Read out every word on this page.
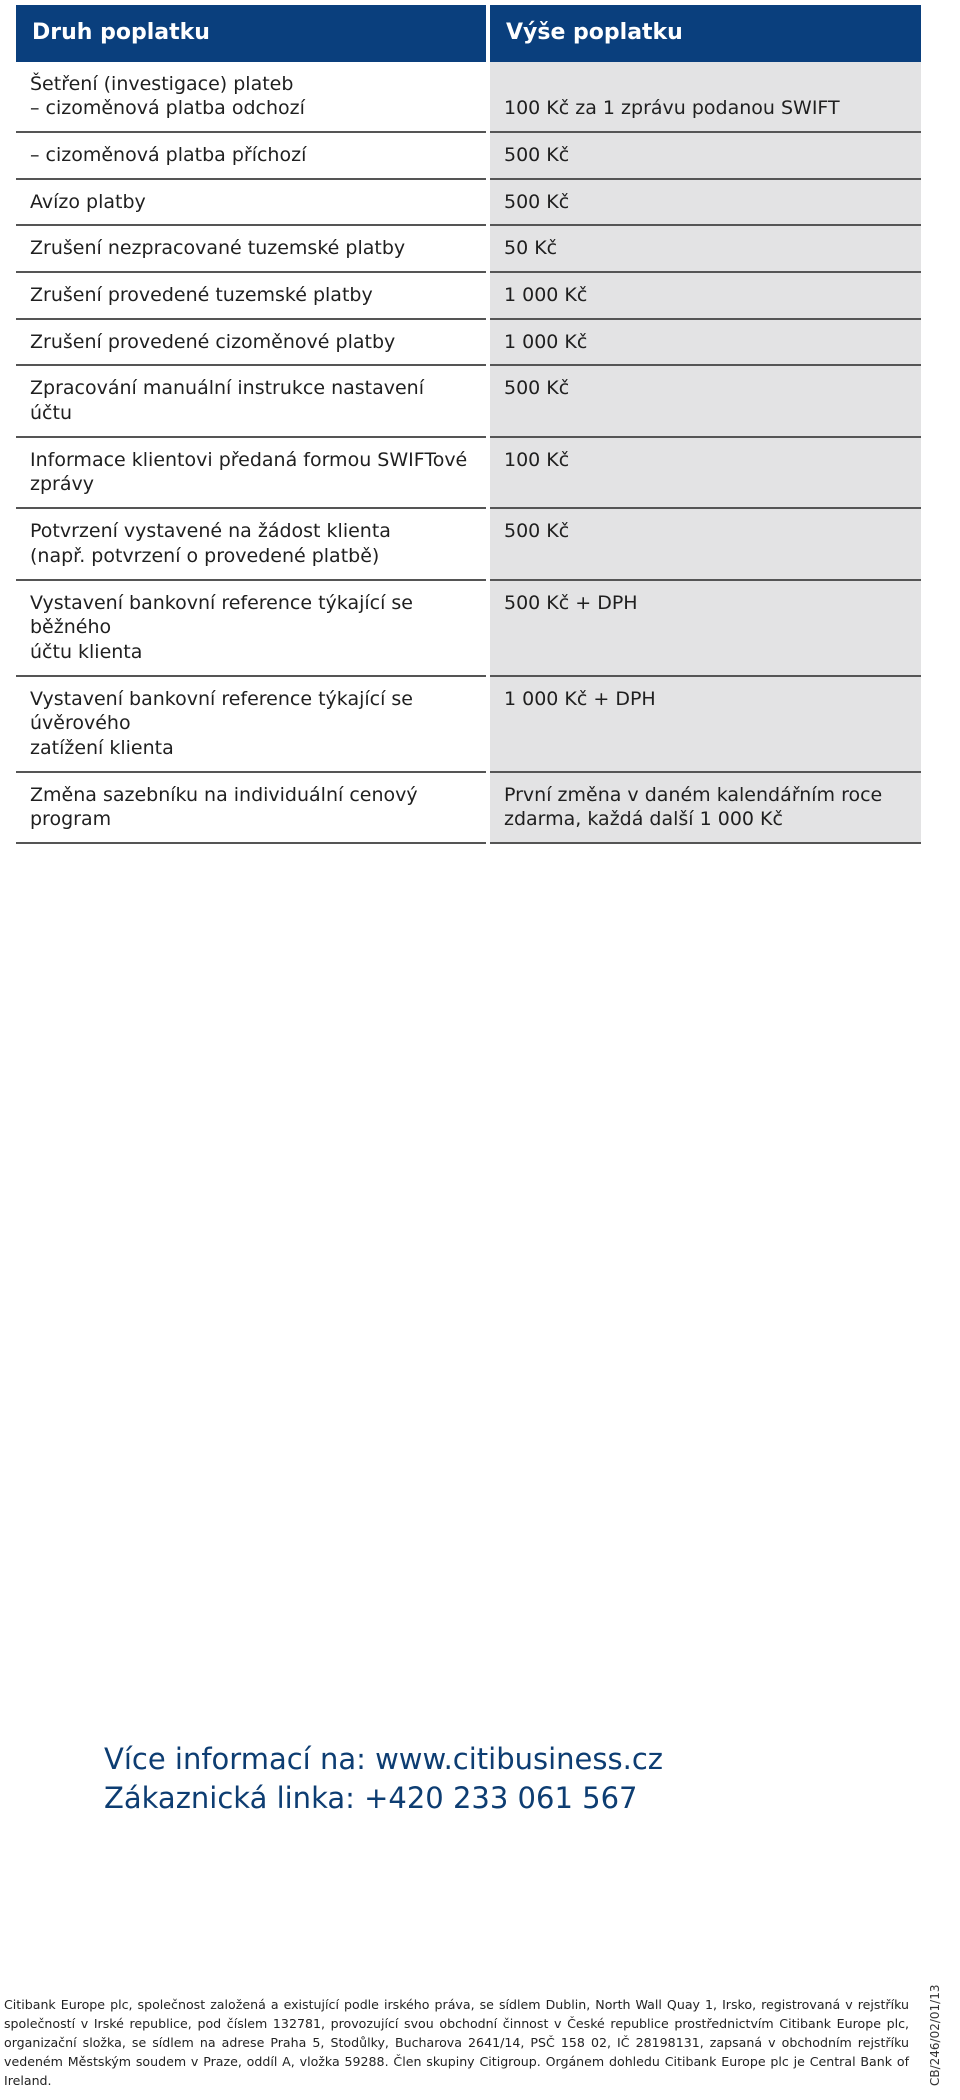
Druh poplatku	Výše poplatku

Šetření (investigace) plateb
– cizoměnová platba odchozí	100 Kč za 1 zprávu podanou SWIFT

– cizoměnová platba příchozí	500 Kč

Avízo platby	500 Kč

Zrušení nezpracované tuzemské platby	50 Kč

Zrušení provedené tuzemské platby	1 000 Kč

Zrušení provedené cizoměnové platby	1 000 Kč

Zpracování manuální instrukce nastavení účtu	500 Kč

Informace klientovi předaná formou SWIFTové
zprávy	100 Kč

Potvrzení vystavené na žádost klienta
(např. potvrzení o provedené platbě)	500 Kč

Vystavení bankovní reference týkající se běžného
účtu klienta	500 Kč + DPH

Vystavení bankovní reference týkající se úvěrového
zatížení klienta	1 000 Kč + DPH

Změna sazebníku na individuální cenový program	První změna v daném kalendářním roce
zdarma, každá další 1 000 Kč
Více informací na: www.citibusiness.cz
Zákaznická linka: +420 233 061 567

Citibank Europe plc, společnost založená a existující podle irského práva, se sídlem Dublin, North Wall Quay 1, Irsko, registrovaná v rejstříku společností v Irské republice, pod číslem 132781, provozující svou obchodní činnost v České republice prostřednictvím Citibank Europe plc, organizační složka, se sídlem na adrese Praha 5, Stodůlky, Bucharova 2641/14, PSČ 158 02, IČ 28198131, zapsaná v obchodním rejstříku vedeném Městským soudem v Praze, oddíl A, vložka 59288. Člen skupiny Citigroup. Orgánem dohledu Citibank Europe plc je Central Bank of Ireland.	CB/246/02/01/13
